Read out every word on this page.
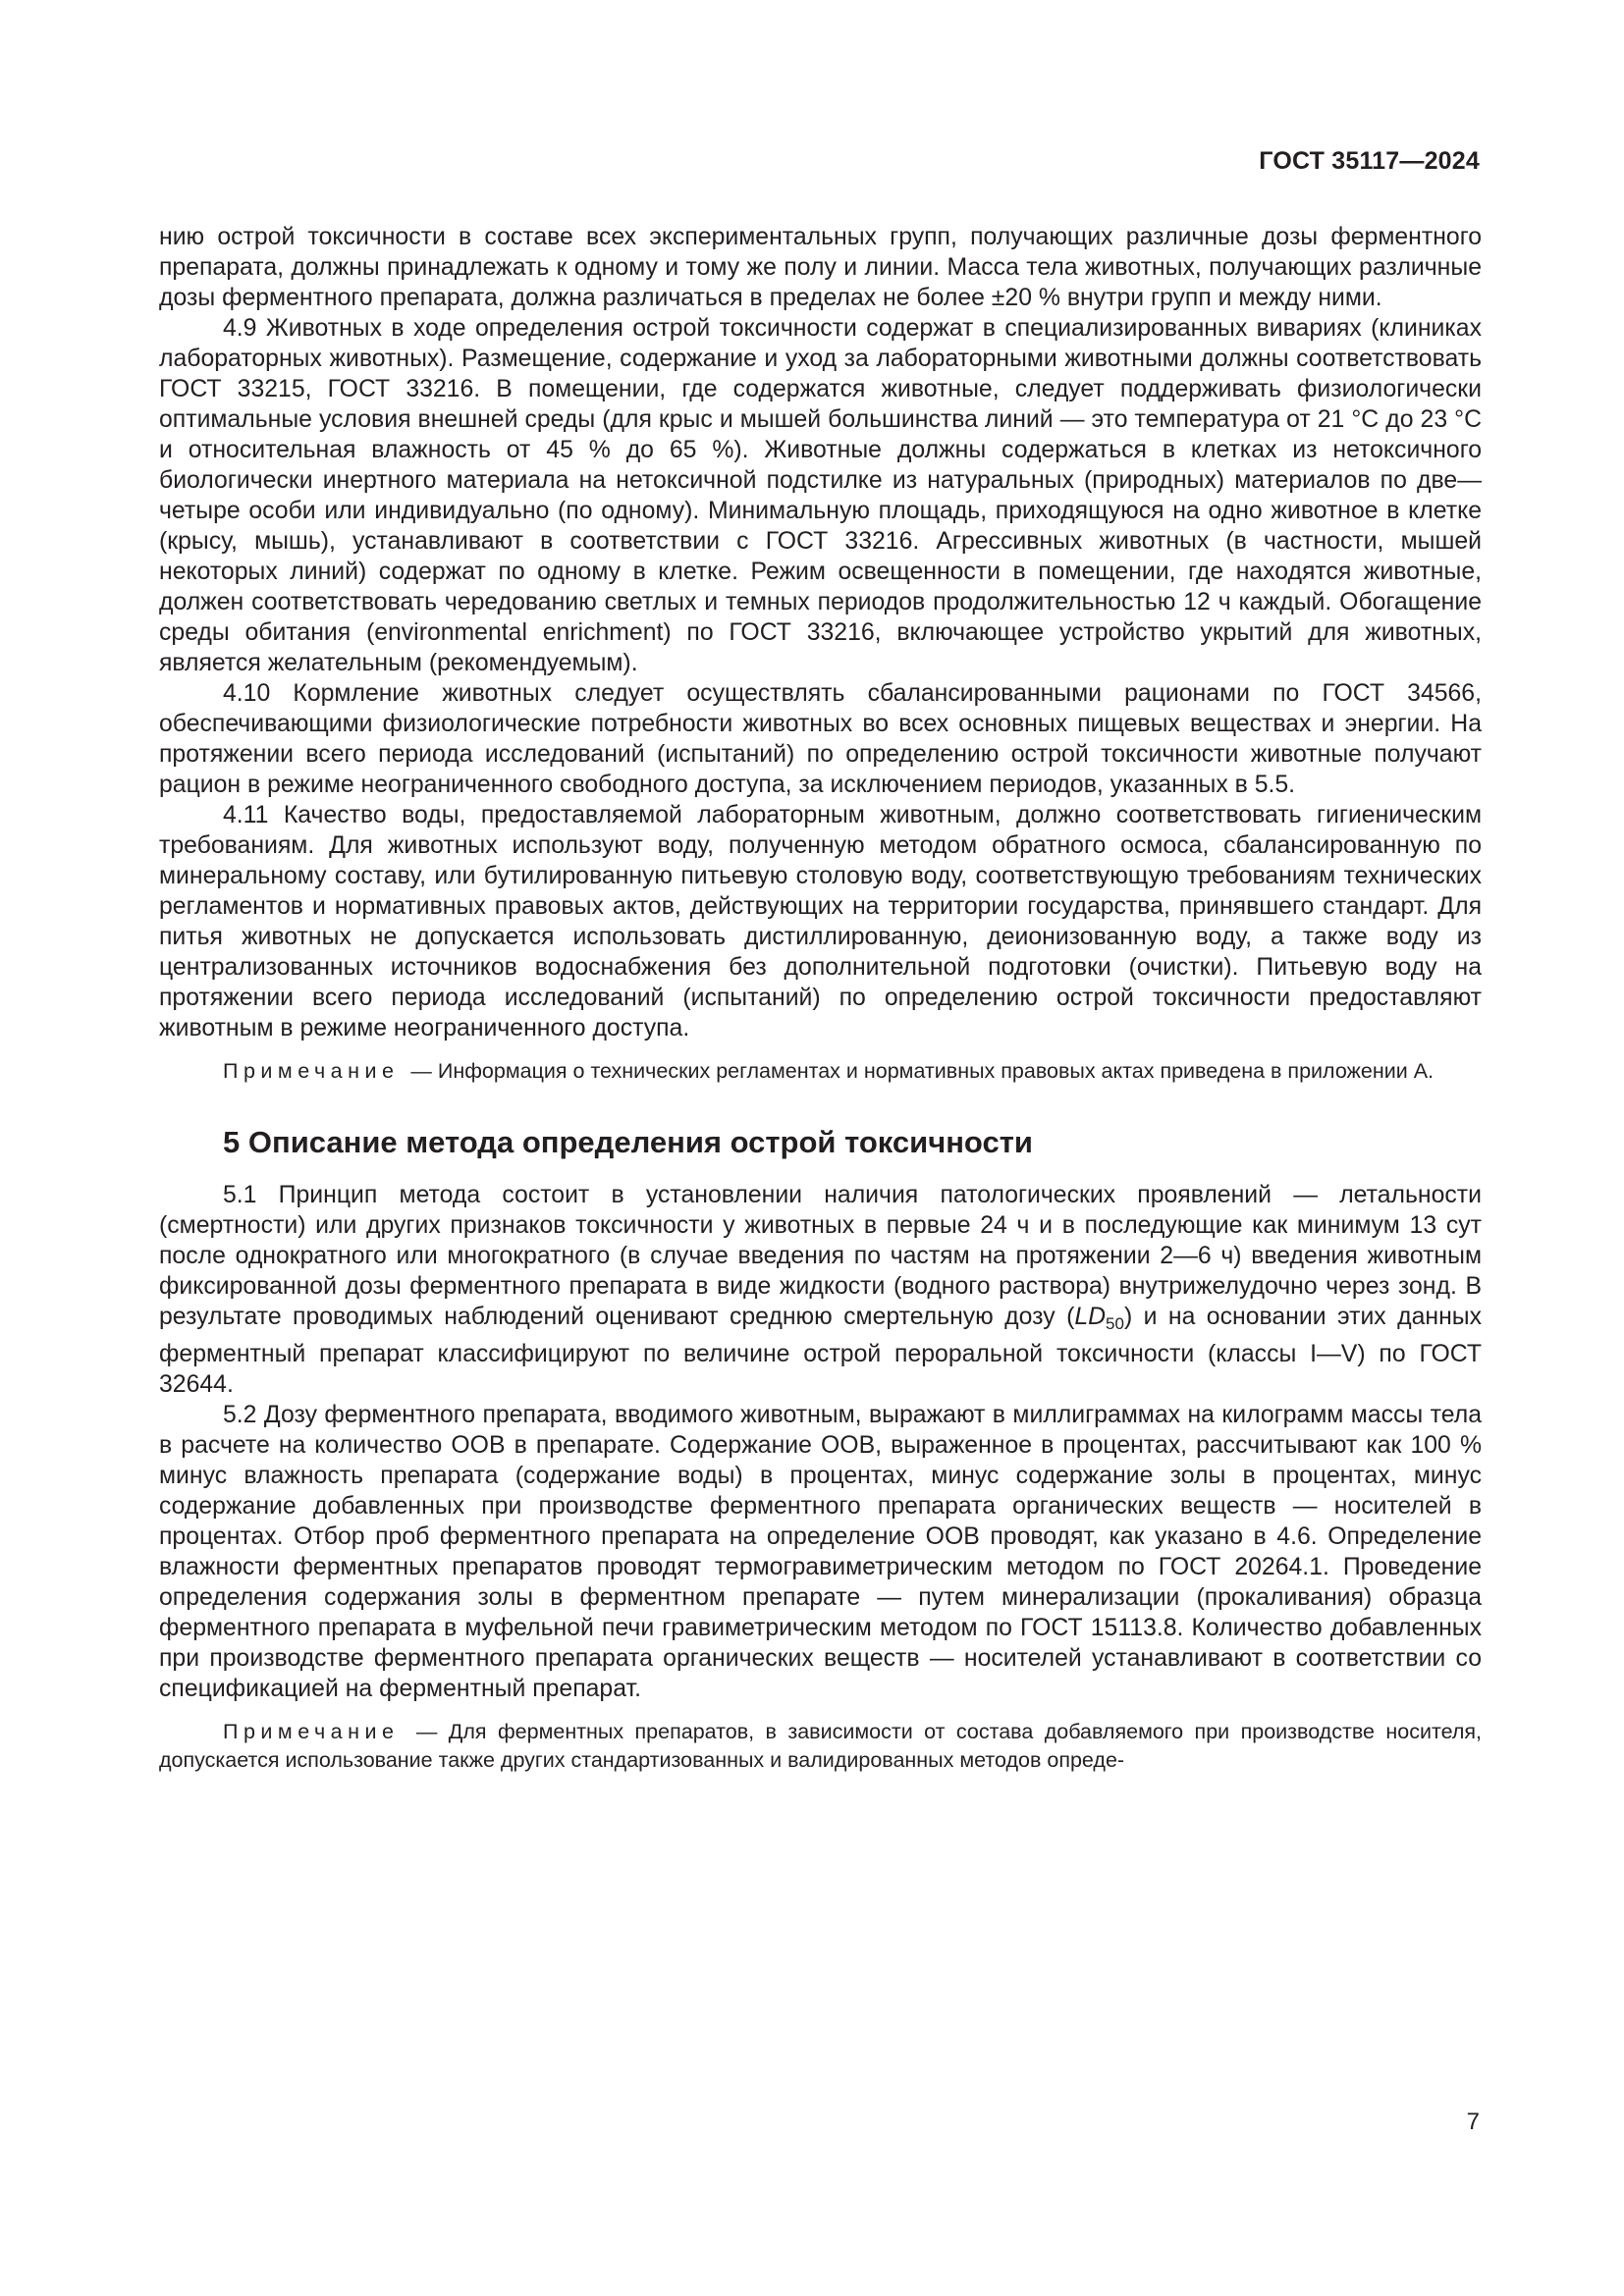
ГОСТ 35117—2024

нию острой токсичности в составе всех экспериментальных групп, получающих различные дозы ферментного препарата, должны принадлежать к одному и тому же полу и линии. Масса тела животных, получающих различные дозы ферментного препарата, должна различаться в пределах не более ±20 % внутри групп и между ними.

4.9 Животных в ходе определения острой токсичности содержат в специализированных вивариях (клиниках лабораторных животных). Размещение, содержание и уход за лабораторными животными должны соответствовать ГОСТ 33215, ГОСТ 33216. В помещении, где содержатся животные, следует поддерживать физиологически оптимальные условия внешней среды (для крыс и мышей большинства линий — это температура от 21 °С до 23 °С и относительная влажность от 45 % до 65 %). Животные должны содержаться в клетках из нетоксичного биологически инертного материала на нетоксичной подстилке из натуральных (природных) материалов по две—четыре особи или индивидуально (по одному). Минимальную площадь, приходящуюся на одно животное в клетке (крысу, мышь), устанавливают в соответствии с ГОСТ 33216. Агрессивных животных (в частности, мышей некоторых линий) содержат по одному в клетке. Режим освещенности в помещении, где находятся животные, должен соответствовать чередованию светлых и темных периодов продолжительностью 12 ч каждый. Обогащение среды обитания (environmental enrichment) по ГОСТ 33216, включающее устройство укрытий для животных, является желательным (рекомендуемым).

4.10 Кормление животных следует осуществлять сбалансированными рационами по ГОСТ 34566, обеспечивающими физиологические потребности животных во всех основных пищевых веществах и энергии. На протяжении всего периода исследований (испытаний) по определению острой токсичности животные получают рацион в режиме неограниченного свободного доступа, за исключением периодов, указанных в 5.5.

4.11 Качество воды, предоставляемой лабораторным животным, должно соответствовать гигиеническим требованиям. Для животных используют воду, полученную методом обратного осмоса, сбалансированную по минеральному составу, или бутилированную питьевую столовую воду, соответствующую требованиям технических регламентов и нормативных правовых актов, действующих на территории государства, принявшего стандарт. Для питья животных не допускается использовать дистиллированную, деионизованную воду, а также воду из централизованных источников водоснабжения без дополнительной подготовки (очистки). Питьевую воду на протяжении всего периода исследований (испытаний) по определению острой токсичности предоставляют животным в режиме неограниченного доступа.

Примечание — Информация о технических регламентах и нормативных правовых актах приведена в приложении А.

5 Описание метода определения острой токсичности

5.1 Принцип метода состоит в установлении наличия патологических проявлений — летальности (смертности) или других признаков токсичности у животных в первые 24 ч и в последующие как минимум 13 сут после однократного или многократного (в случае введения по частям на протяжении 2—6 ч) введения животным фиксированной дозы ферментного препарата в виде жидкости (водного раствора) внутрижелудочно через зонд. В результате проводимых наблюдений оценивают среднюю смертельную дозу $(LD_{50})$ и на основании этих данных ферментный препарат классифицируют по величине острой пероральной токсичности (классы I—V) по ГОСТ 32644.

5.2 Дозу ферментного препарата, вводимого животным, выражают в миллиграммах на килограмм массы тела в расчете на количество ООВ в препарате. Содержание ООВ, выраженное в процентах, рассчитывают как 100 % минус влажность препарата (содержание воды) в процентах, минус содержание золы в процентах, минус содержание добавленных при производстве ферментного препарата органических веществ — носителей в процентах. Отбор проб ферментного препарата на определение ООВ проводят, как указано в 4.6. Определение влажности ферментных препаратов проводят термогравиметрическим методом по ГОСТ 20264.1. Проведение определения содержания золы в ферментном препарате — путем минерализации (прокаливания) образца ферментного препарата в муфельной печи гравиметрическим методом по ГОСТ 15113.8. Количество добавленных при производстве ферментного препарата органических веществ — носителей устанавливают в соответствии со спецификацией на ферментный препарат.

Примечание — Для ферментных препаратов, в зависимости от состава добавляемого при производстве носителя, допускается использование также других стандартизованных и валидированных методов опреде-

7
